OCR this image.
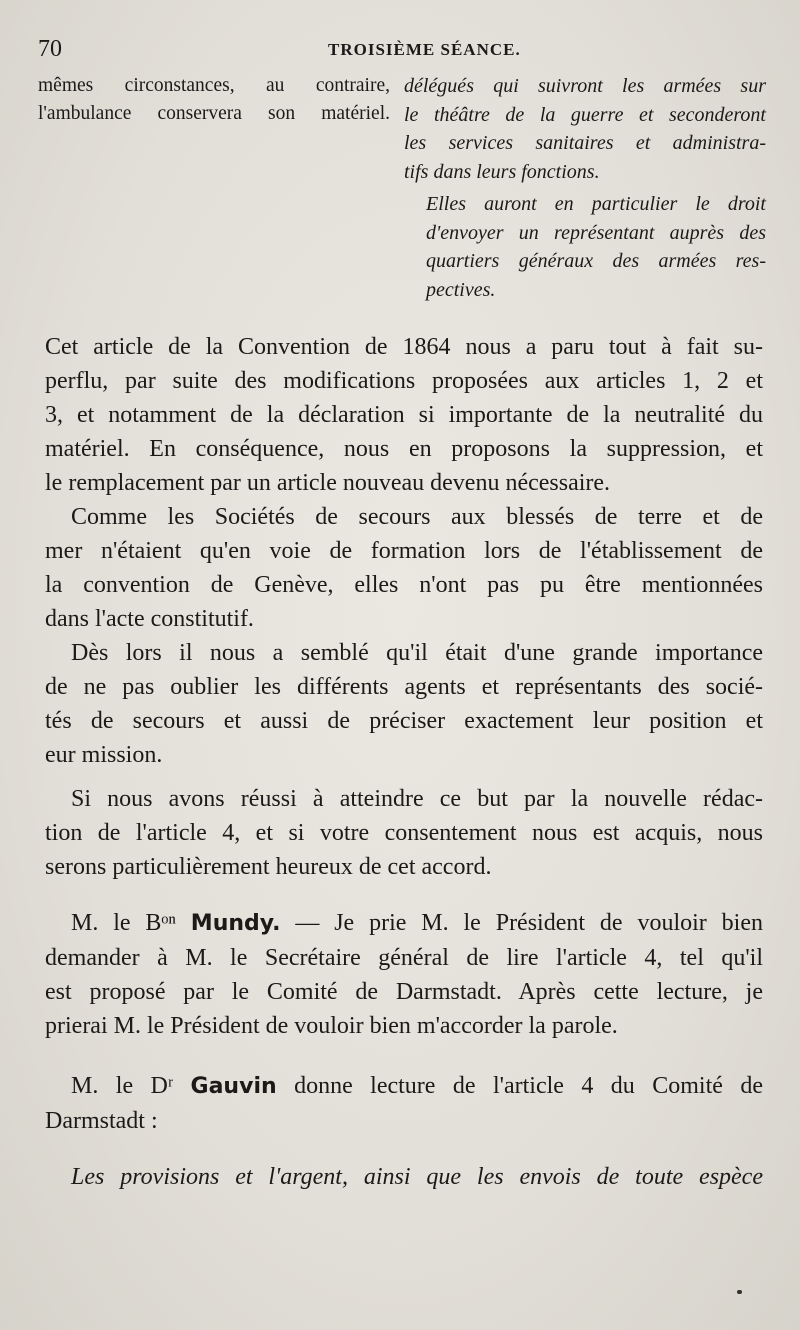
70	TROISIÈME SÉANCE.
mêmes circonstances, au contraire,
l'ambulance conservera son matériel.

délégués qui suivront les armées sur
le théâtre de la guerre et seconderont
les services sanitaires et administra-
tifs dans leurs fonctions.

Elles auront en particulier le droit
d'envoyer un représentant auprès des
quartiers généraux des armées res-
pectives.

Cet article de la Convention de 1864 nous a paru tout à fait su-
perflu, par suite des modifications proposées aux articles 1, 2 et
3, et notamment de la déclaration si importante de la neutralité du
matériel. En conséquence, nous en proposons la suppression, et
le remplacement par un article nouveau devenu nécessaire.

Comme les Sociétés de secours aux blessés de terre et de
mer n'étaient qu'en voie de formation lors de l'établissement de
la convention de Genève, elles n'ont pas pu être mentionnées
dans l'acte constitutif.

Dès lors il nous a semblé qu'il était d'une grande importance
de ne pas oublier les différents agents et représentants des socié-
tés de secours et aussi de préciser exactement leur position et
eur mission.

Si nous avons réussi à atteindre ce but par la nouvelle rédac-
tion de l'article 4, et si votre consentement nous est acquis, nous
serons particulièrement heureux de cet accord.

M. le Bᵒⁿ Mundy. — Je prie M. le Président de vouloir bien
demander à M. le Secrétaire général de lire l'article 4, tel qu'il
est proposé par le Comité de Darmstadt. Après cette lecture, je
prierai M. le Président de vouloir bien m'accorder la parole.

M. le Dʳ Gauvin donne lecture de l'article 4 du Comité de
Darmstadt :

Les provisions et l'argent, ainsi que les envois de toute espèce
